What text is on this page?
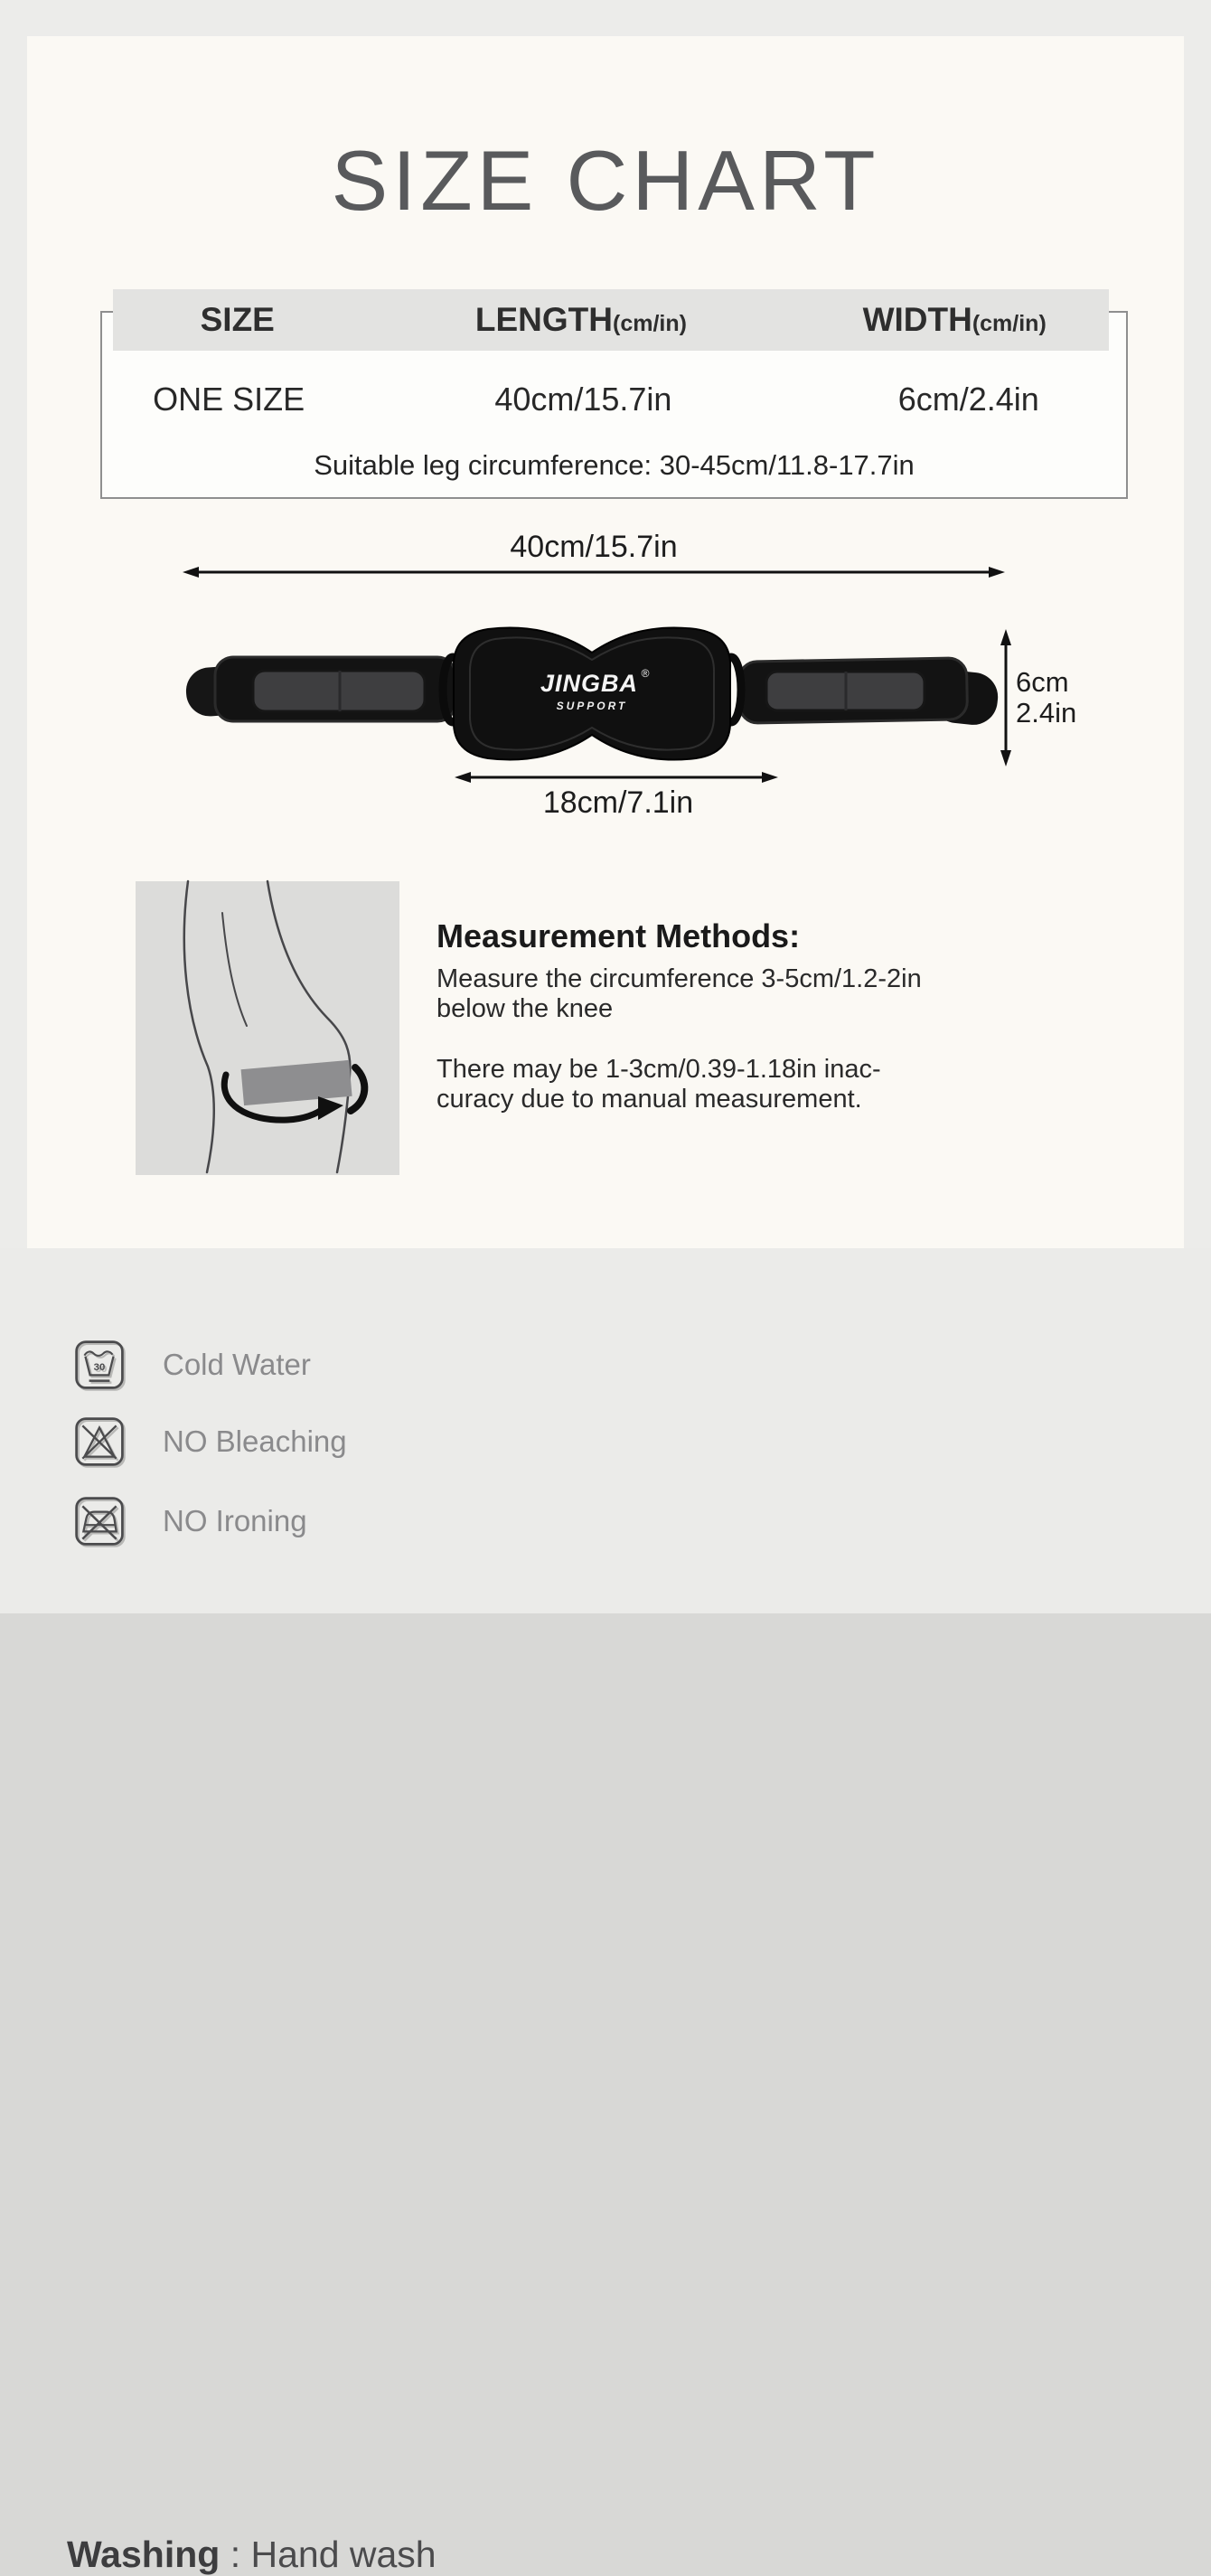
SIZE CHART
SIZE	LENGTH(cm/in)	WIDTH(cm/in)
ONE SIZE	40cm/15.7in	6cm/2.4in
Suitable leg circumference: 30-45cm/11.8-17.7in
40cm/15.7in
JINGBA ®
SUPPORT
6cm
2.4in
18cm/7.1in
Measurement Methods:
Measure the circumference 3-5cm/1.2-2in
below the knee
There may be 1-3cm/0.39-1.18in inac-
curacy due to manual measurement.
Washing : Hand wash
30 Cold Water
NO Bleaching
NO Ironing
